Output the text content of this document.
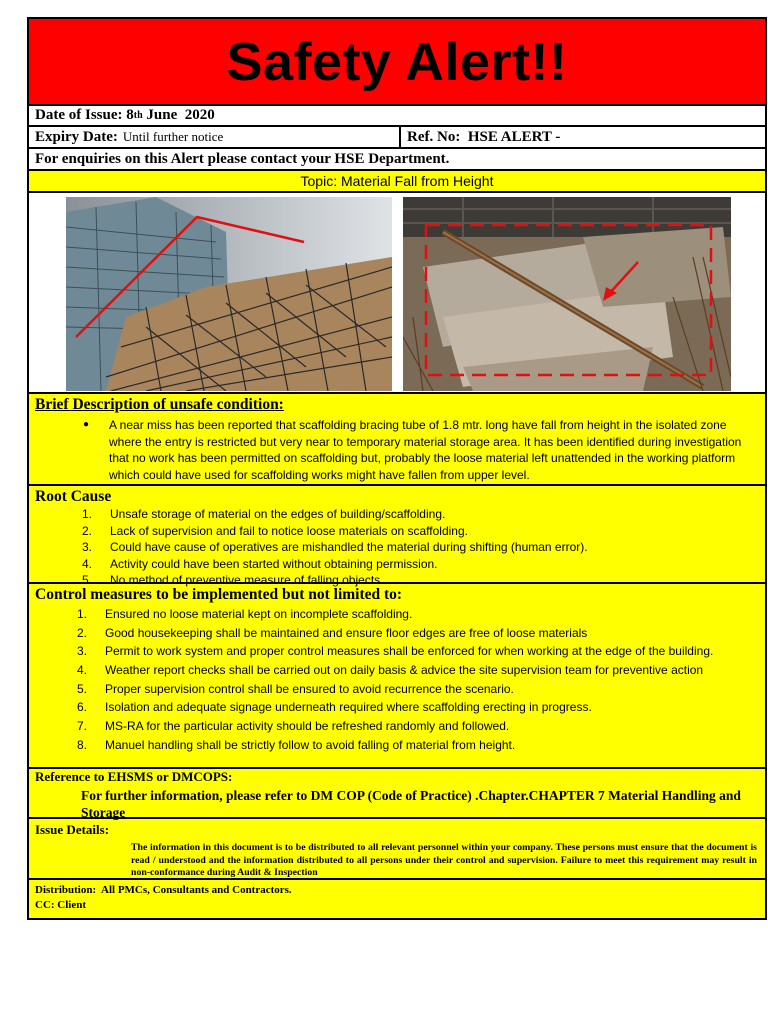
Safety Alert!!
Date of Issue: 8 th June  2020
Expiry Date: Until further notice	Ref. No:  HSE ALERT -
For enquiries on this Alert please contact your HSE Department.
Topic: Material Fall from Height
Brief Description of unsafe condition:
●	A near miss has been reported that scaffolding bracing tube of 1.8 mtr. long have fall from height in the isolated zone where the entry is restricted but very near to temporary material storage area. It has been identified during investigation that no work has been permitted on scaffolding but, probably the loose material left unattended in the working platform which could have used for scaffolding works might have fallen from upper level.
Root Cause
1.	Unsafe storage of material on the edges of building/scaffolding.
2.	Lack of supervision and fail to notice loose materials on scaffolding.
3.	Could have cause of operatives are mishandled the material during shifting (human error).
4.	Activity could have been started without obtaining permission.
5.	No method of preventive measure of falling objects.
Control measures to be implemented but not limited to:
1.	Ensured no loose material kept on incomplete scaffolding.
2.	Good housekeeping shall be maintained and ensure floor edges are free of loose materials
3.	Permit to work system and proper control measures shall be enforced for when working at the edge of the building.
4.	Weather report checks shall be carried out on daily basis & advice the site supervision team for preventive action
5.	Proper supervision control shall be ensured to avoid recurrence the scenario.
6.	Isolation and adequate signage underneath required where scaffolding erecting in progress.
7.	MS-RA for the particular activity should be refreshed randomly and followed.
8.	Manuel handling shall be strictly follow to avoid falling of material from height.
Reference to EHSMS or DMCOPS:
For further information, please refer to DM COP (Code of Practice) .Chapter.CHAPTER 7 Material Handling and Storage
Issue Details:
The information in this document is to be distributed to all relevant personnel within your company. These persons must ensure that the document is read / understood and the information distributed to all persons under their control and supervision. Failure to meet this requirement may result in non-conformance during Audit & Inspection
Distribution:  All PMCs, Consultants and Contractors.
CC: Client
